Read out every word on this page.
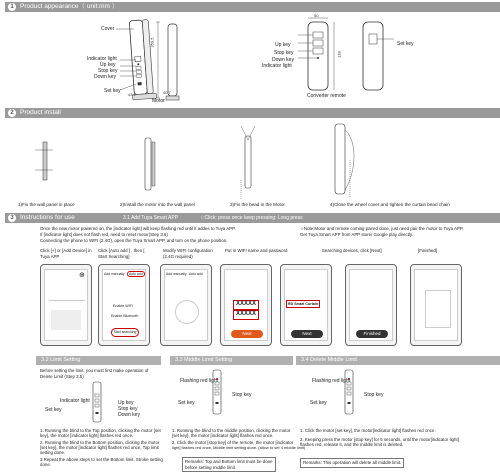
1 Product appearance（ unit:mm ）
Cover
Indicator light
Up key
Stop key
Down key
Set key
Motor
359.5
43.1	40.7
50
118
Up key
Stop key
Down key
Indicator light
Set key
Converter remote
2 Product install
1)Fix the wall panel in place	2)Install the motor into the wall panel	3)Fix the bead in the Motor	4)Close the wheel cover and tighten the curtain bead chain
3 Instructions for use	3.1 Add Tuya Smart APP	☆Click: press once keep pressing: Long press
Once the new motor powered on, the [indicator light] will keep flashing red until it addes to Tuya APP.
If [indicator light] does not flash red, need to reset motor(Step 3.6)
Connecting the phone to WIFI (2.4G), open the Tuya Smart APP, and turn on the phone position.
☆Note:Motor and remote coming paired done, just need pair the motor to Tuya APP.
Get Tuya Smart APP from APP store/ Google play directly.
Click [+] or [Add Device] in Tuya APP
Click [Auto add ] , then [ Start Searching]
Modify WIFI configuration (2.4G required)
Put in WIFI name and password	Searching devices, click [Next]	[Finished]
⊕	Add manually	Auto add
Enable WIFI
Enable Bluetooth
Start searching
Add manually Auto add
XXXXX
XXXXX
Next
RD Smart Curtain
Next	Finished
3.2 Limit Setting	3.3 Middle Limit Setting	3.4 Delete Middle Limit
Before setting the limit, you must first make operation of
Delete Limit (Step 3.5)
Indicator light	Up key
Stop key
Down key
Set key
1. Running the blind to the Top position, clicking the motor [set
key], the motor [indicator light] flashes red once.
2. Running the blind to the Bottom position, clicking the motor
[set key], the motor [indicator light] flashes red once, Top limit
setting done.
3.Repeat the above steps to set the Bottom limit. Stroke setting
done.
Flashing red light
Stop key
Set key
1. Running the blind to the middle position, clicking the motor
[set key], the motor [indicator light] flashes red once.
2. Click the motor [stop key] of the remote, the motor [indicator
light] flashes red once, Middle limit setting done. (allow to set 4 middle limit)
Remarks: Top and Bottom limit must be done
before setting middle limit.
Flashing red light
Stop key
Set key
1. Click the motor [set key], the motor[indicator light] flashes red once.
2. Keeping press the motor [stop key] for 5 seconds, until the motor[indicator light]
flashes red, release it, and the middle limit is deleted.
Remarks: This operation will delete all middle limit.
